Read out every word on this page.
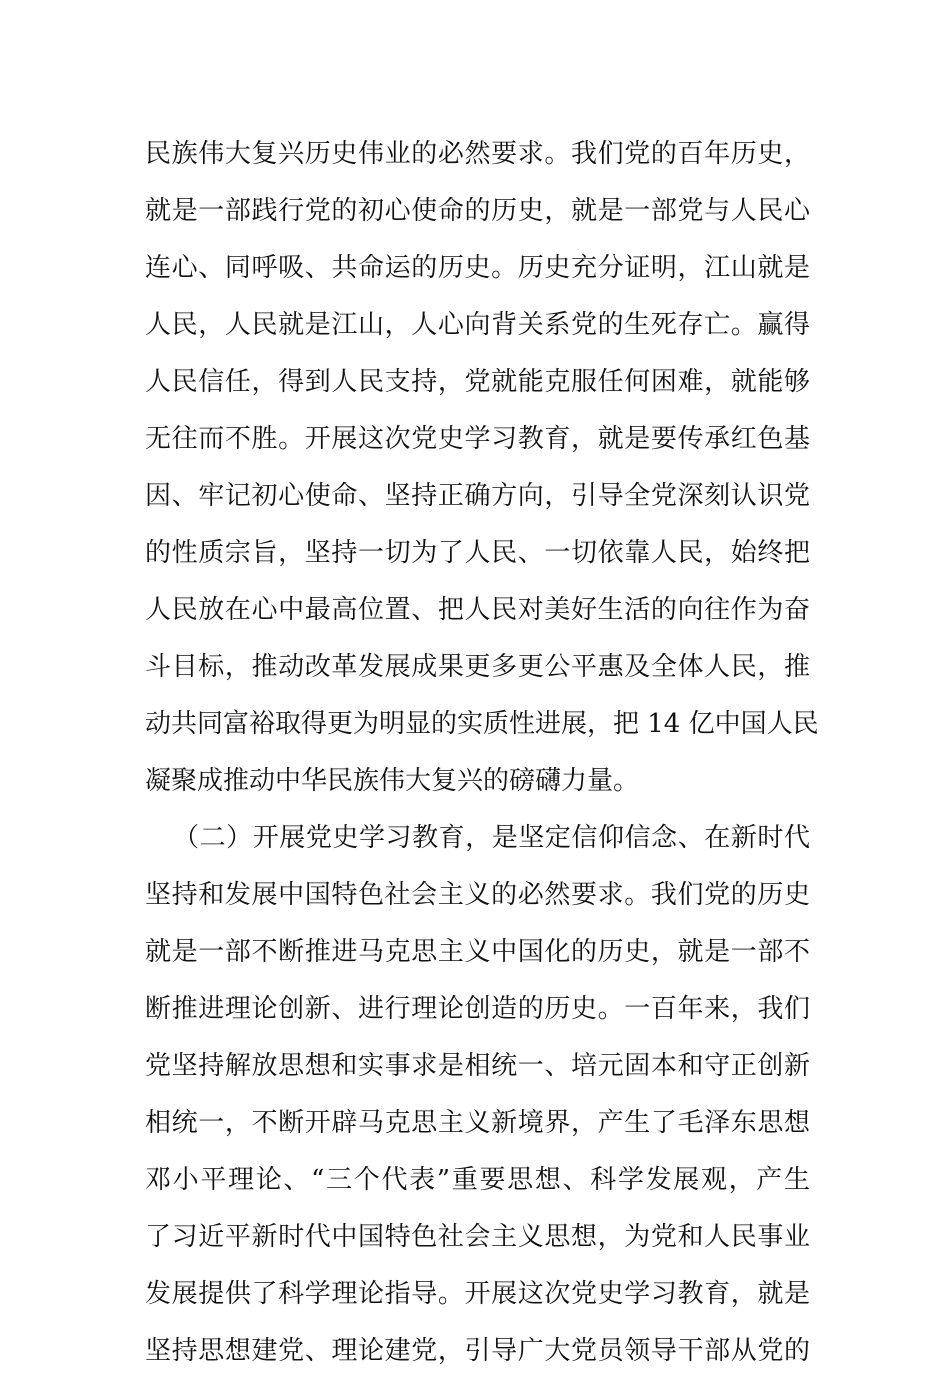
民族伟大复兴历史伟业的必然要求。我们党的百年历史，
就是一部践行党的初心使命的历史，就是一部党与人民心
连心、同呼吸、共命运的历史。历史充分证明，江山就是
人民，人民就是江山，人心向背关系党的生死存亡。赢得
人民信任，得到人民支持，党就能克服任何困难，就能够
无往而不胜。开展这次党史学习教育，就是要传承红色基
因、牢记初心使命、坚持正确方向，引导全党深刻认识党
的性质宗旨，坚持一切为了人民、一切依靠人民，始终把
人民放在心中最高位置、把人民对美好生活的向往作为奋
斗目标，推动改革发展成果更多更公平惠及全体人民，推
动共同富裕取得更为明显的实质性进展，把 14 亿中国人民
凝聚成推动中华民族伟大复兴的磅礴力量。
（二）开展党史学习教育，是坚定信仰信念、在新时代
坚持和发展中国特色社会主义的必然要求。我们党的历史
就是一部不断推进马克思主义中国化的历史，就是一部不
断推进理论创新、进行理论创造的历史。一百年来，我们
党坚持解放思想和实事求是相统一、培元固本和守正创新
相统一，不断开辟马克思主义新境界，产生了毛泽东思想
邓小平理论、“三个代表”重要思想、科学发展观，产生
了习近平新时代中国特色社会主义思想，为党和人民事业
发展提供了科学理论指导。开展这次党史学习教育，就是
坚持思想建党、理论建党，引导广大党员领导干部从党的
